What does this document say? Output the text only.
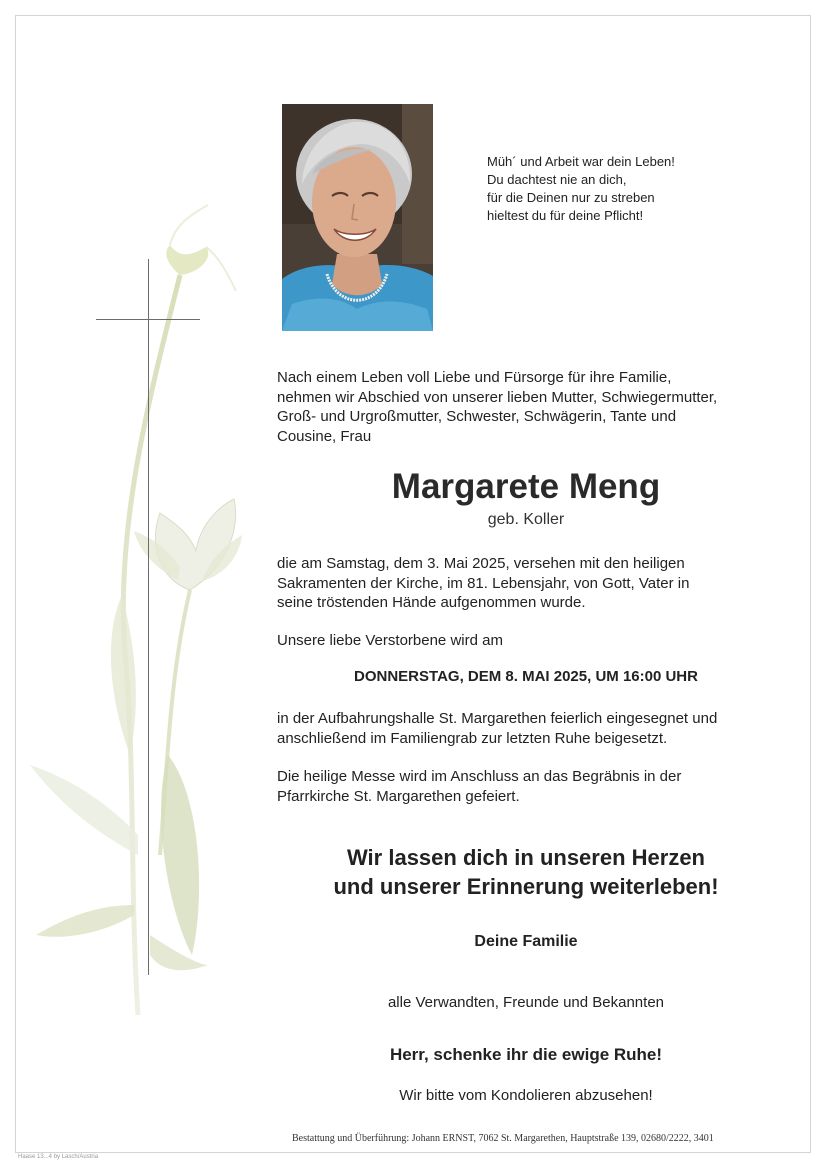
Müh´ und Arbeit war dein Leben!
Du dachtest nie an dich,
für die Deinen nur zu streben
hieltest du für deine Pflicht!
Nach einem Leben voll Liebe und Fürsorge für ihre Familie,
nehmen wir Abschied von unserer lieben Mutter, Schwiegermutter,
Groß- und Urgroßmutter, Schwester, Schwägerin, Tante und
Cousine, Frau
Margarete Meng
geb. Koller
die am Samstag, dem 3. Mai 2025, versehen mit den heiligen
Sakramenten der Kirche, im 81. Lebensjahr, von Gott, Vater in
seine tröstenden Hände aufgenommen wurde.
Unsere liebe Verstorbene wird am
DONNERSTAG, DEM 8. MAI 2025, UM 16:00 UHR
in der Aufbahrungshalle St. Margarethen feierlich eingesegnet und
anschließend im Familiengrab zur letzten Ruhe beigesetzt.
Die heilige Messe wird im Anschluss an das Begräbnis in der
Pfarrkirche St. Margarethen gefeiert.
Wir lassen dich in unseren Herzen
und unserer Erinnerung weiterleben!
Deine Familie
alle Verwandten, Freunde und Bekannten
Herr, schenke ihr die ewige Ruhe!
Wir bitte vom Kondolieren abzusehen!
Bestattung und Überführung: Johann ERNST, 7062 St. Margarethen, Hauptstraße 139, 02680/2222, 3401
Haase 13...4 by Lasch/Austria
